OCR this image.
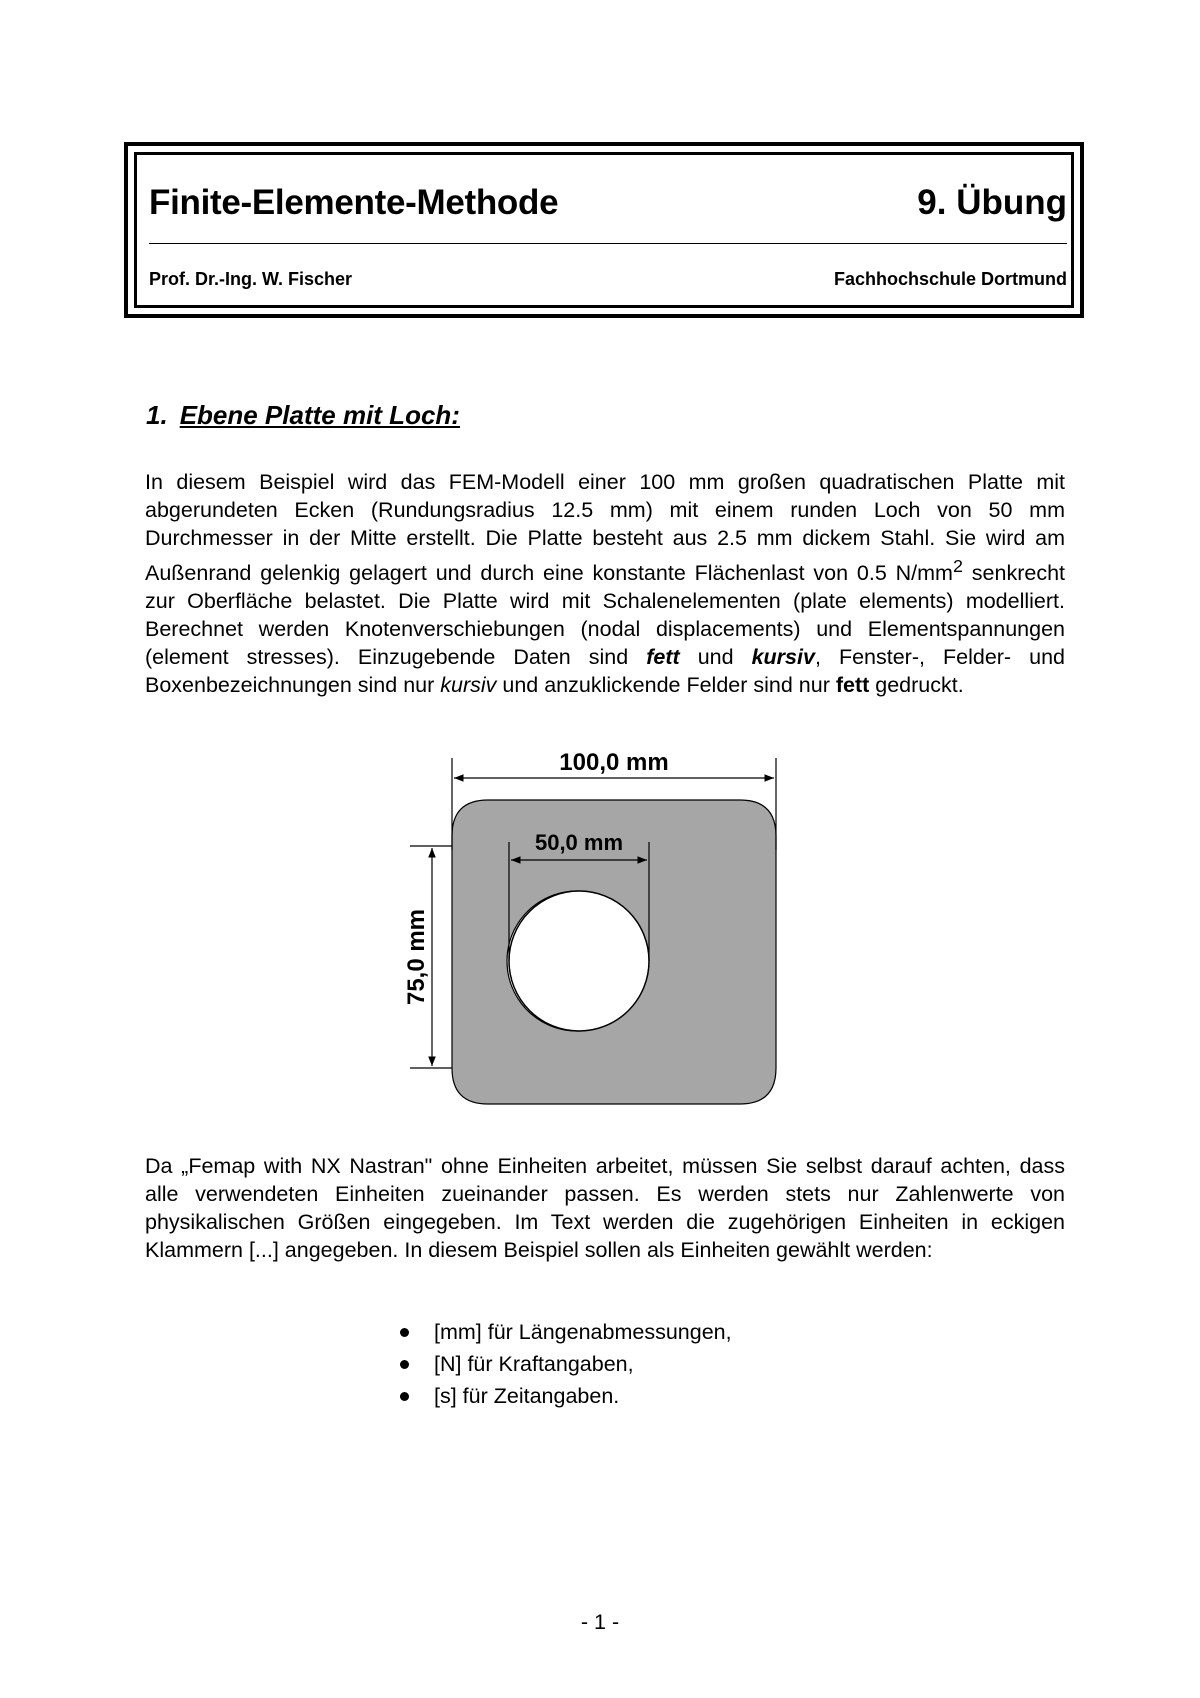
Finite-Elemente-Methode	9. Übung
Prof. Dr.-Ing. W. Fischer	Fachhochschule Dortmund
1. Ebene Platte mit Loch:

In diesem Beispiel wird das FEM-Modell einer 100 mm großen quadratischen Platte mit abgerundeten Ecken (Rundungsradius 12.5 mm) mit einem runden Loch von 50 mm Durchmesser in der Mitte erstellt. Die Platte besteht aus 2.5 mm dickem Stahl. Sie wird am Außenrand gelenkig gelagert und durch eine konstante Flächenlast von 0.5 $N/mm^2$ senkrecht zur Oberfläche belastet. Die Platte wird mit Schalenelementen (plate elements) modelliert. Berechnet werden Knotenverschiebungen (nodal displacements) und Elementspannungen (element stresses). Einzugebende Daten sind fett und kursiv, Fenster-, Felder- und Boxenbezeichnungen sind nur kursiv und anzuklickende Felder sind nur fett gedruckt.

100,0 mm
50,0 mm
75,0 mm

Da „Femap with NX Nastran" ohne Einheiten arbeitet, müssen Sie selbst darauf achten, dass alle verwendeten Einheiten zueinander passen. Es werden stets nur Zahlenwerte von physikalischen Größen eingegeben. Im Text werden die zugehörigen Einheiten in eckigen Klammern [...] angegeben. In diesem Beispiel sollen als Einheiten gewählt werden:

[mm] für Längenabmessungen,
[N] für Kraftangaben,
[s] für Zeitangaben.
- 1 -
